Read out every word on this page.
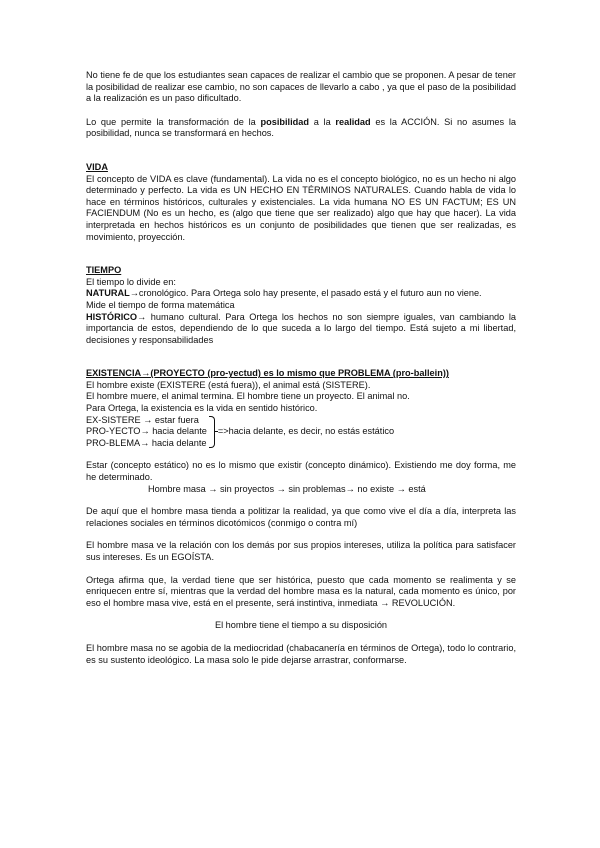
No tiene fe de que los estudiantes sean capaces de realizar el cambio que se proponen. A pesar de tener la posibilidad de realizar ese cambio, no son capaces de llevarlo a cabo , ya que el paso de la posibilidad a la realización es un paso dificultado.

Lo que permite la transformación de la posibilidad a la realidad es la ACCIÓN. Si no asumes la posibilidad, nunca se transformará en hechos.

VIDA

El concepto de VIDA es clave (fundamental). La vida no es el concepto biológico, no es un hecho ni algo determinado y perfecto. La vida es UN HECHO EN TÉRMINOS NATURALES. Cuando habla de vida lo hace en términos históricos, culturales y existenciales. La vida humana NO ES UN FACTUM; ES UN FACIENDUM (No es un hecho, es (algo que tiene que ser realizado) algo que hay que hacer). La vida interpretada en hechos históricos es un conjunto de posibilidades que tienen que ser realizadas, es movimiento, proyección.

TIEMPO

El tiempo lo divide en:

NATURAL→cronológico. Para Ortega solo hay presente, el pasado está y el futuro aun no viene.

Mide el tiempo de forma matemática

HISTÓRICO→ humano cultural. Para Ortega los hechos no son siempre iguales, van cambiando la importancia de estos, dependiendo de lo que suceda a lo largo del tiempo. Está sujeto a mi libertad, decisiones y responsabilidades

EXISTENCIA→(PROYECTO (pro-yectud) es lo mismo que PROBLEMA (pro-ballein))

El hombre existe (EXISTERE (está fuera)), el animal está (SISTERE).

El hombre muere, el animal termina. El hombre tiene un proyecto. El animal no.

Para Ortega, la existencia es la vida en sentido histórico.

EX-SISTERE → estar fuera
PRO-YECTO→ hacia delante
PRO-BLEMA→ hacia delante
=>hacia delante, es decir, no estás estático

Estar (concepto estático) no es lo mismo que existir (concepto dinámico). Existiendo me doy forma, me he determinado.

Hombre masa → sin proyectos → sin problemas→ no existe → está

De aquí que el hombre masa tienda a politizar la realidad, ya que como vive el día a día, interpreta las relaciones sociales en términos dicotómicos (conmigo o contra mí)

El hombre masa ve la relación con los demás por sus propios intereses, utiliza la política para satisfacer sus intereses. Es un EGOÍSTA.

Ortega afirma que, la verdad tiene que ser histórica, puesto que cada momento se realimenta y se enriquecen entre sí, mientras que la verdad del hombre masa es la natural, cada momento es único, por eso el hombre masa vive, está en el presente, será instintiva, inmediata → REVOLUCIÓN.

El hombre tiene el tiempo a su disposición

El hombre masa no se agobia de la mediocridad (chabacanería en términos de Ortega), todo lo contrario, es su sustento ideológico. La masa solo le pide dejarse arrastrar, conformarse.
